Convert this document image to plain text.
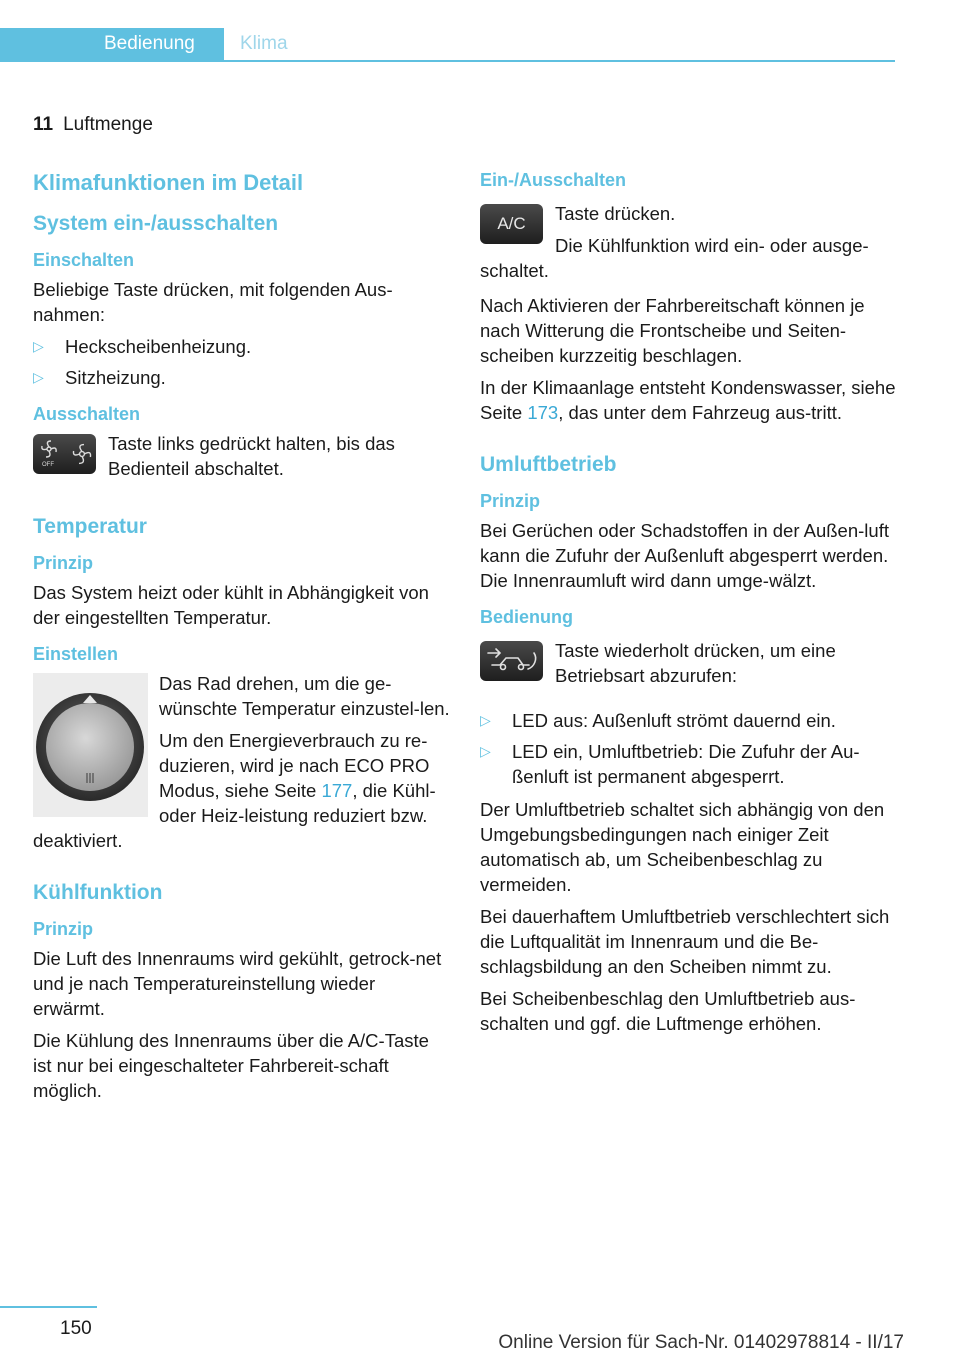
Bedienung	Klima
11 Luftmenge
Klimafunktionen im Detail
System ein-/ausschalten
Einschalten

Beliebige Taste drücken, mit folgenden Aus-nahmen:

▷ Heckscheibenheizung.
▷ Sitzheizung.
Ausschalten
OFF

Taste links gedrückt halten, bis das Bedienteil abschaltet.

Temperatur
Prinzip

Das System heizt oder kühlt in Abhängigkeit von der eingestellten Temperatur.

Einstellen

Das Rad drehen, um die ge-wünschte Temperatur einzustel-len.

Um den Energieverbrauch zu re-duzieren, wird je nach ECO PRO Modus, siehe Seite 177, die Kühl- oder Heiz-leistung reduziert bzw. deaktiviert.

Kühlfunktion
Prinzip

Die Luft des Innenraums wird gekühlt, getrock-net und je nach Temperatureinstellung wieder erwärmt.

Die Kühlung des Innenraums über die A/C-Taste ist nur bei eingeschalteter Fahrbereit-schaft möglich.

Ein-/Ausschalten
A/C	Taste drücken.

Die Kühlfunktion wird ein- oder ausge-schaltet.

Nach Aktivieren der Fahrbereitschaft können je nach Witterung die Frontscheibe und Seiten-scheiben kurzzeitig beschlagen.

In der Klimaanlage entsteht Kondenswasser, siehe Seite 173, das unter dem Fahrzeug aus-tritt.

Umluftbetrieb
Prinzip

Bei Gerüchen oder Schadstoffen in der Außen-luft kann die Zufuhr der Außenluft abgesperrt werden. Die Innenraumluft wird dann umge-wälzt.

Bedienung

Taste wiederholt drücken, um eine Betriebsart abzurufen:

▷ LED aus: Außenluft strömt dauernd ein.
▷ LED ein, Umluftbetrieb: Die Zufuhr der Au-ßenluft ist permanent abgesperrt.

Der Umluftbetrieb schaltet sich abhängig von den Umgebungsbedingungen nach einiger Zeit automatisch ab, um Scheibenbeschlag zu vermeiden.

Bei dauerhaftem Umluftbetrieb verschlechtert sich die Luftqualität im Innenraum und die Be-schlagsbildung an den Scheiben nimmt zu.

Bei Scheibenbeschlag den Umluftbetrieb aus-schalten und ggf. die Luftmenge erhöhen.

150
Online Version für Sach-Nr. 01402978814 - II/17
